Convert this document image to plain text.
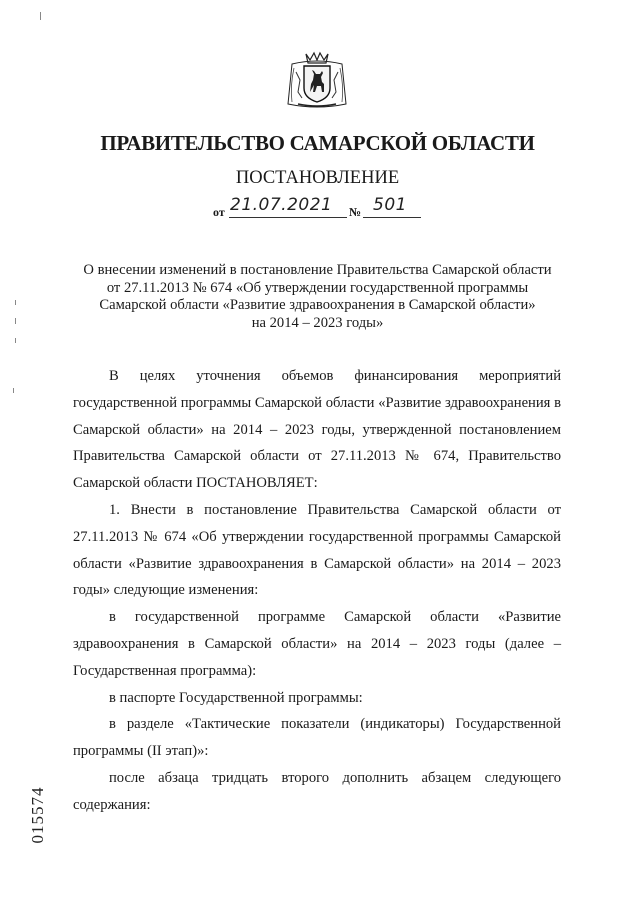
ПРАВИТЕЛЬСТВО САМАРСКОЙ ОБЛАСТИ
ПОСТАНОВЛЕНИЕ
от 21.07.2021 № 501
О внесении изменений в постановление Правительства Самарской области
от 27.11.2013 № 674 «Об утверждении государственной программы
Самарской области «Развитие здравоохранения в Самарской области»
на 2014 – 2023 годы»

В целях уточнения объемов финансирования мероприятий государственной программы Самарской области «Развитие здравоохранения в Самарской области» на 2014 – 2023 годы, утвержденной постановлением Правительства Самарской области от 27.11.2013 № 674, Правительство Самарской области ПОСТАНОВЛЯЕТ:

1. Внести в постановление Правительства Самарской области от 27.11.2013 № 674 «Об утверждении государственной программы Самарской области «Развитие здравоохранения в Самарской области» на 2014 – 2023 годы» следующие изменения:

в государственной программе Самарской области «Развитие здравоохранения в Самарской области» на 2014 – 2023 годы (далее – Государственная программа):

в паспорте Государственной программы:

в разделе «Тактические показатели (индикаторы) Государственной программы (II этап)»:

после абзаца тридцать второго дополнить абзацем следующего содержания:

015574
